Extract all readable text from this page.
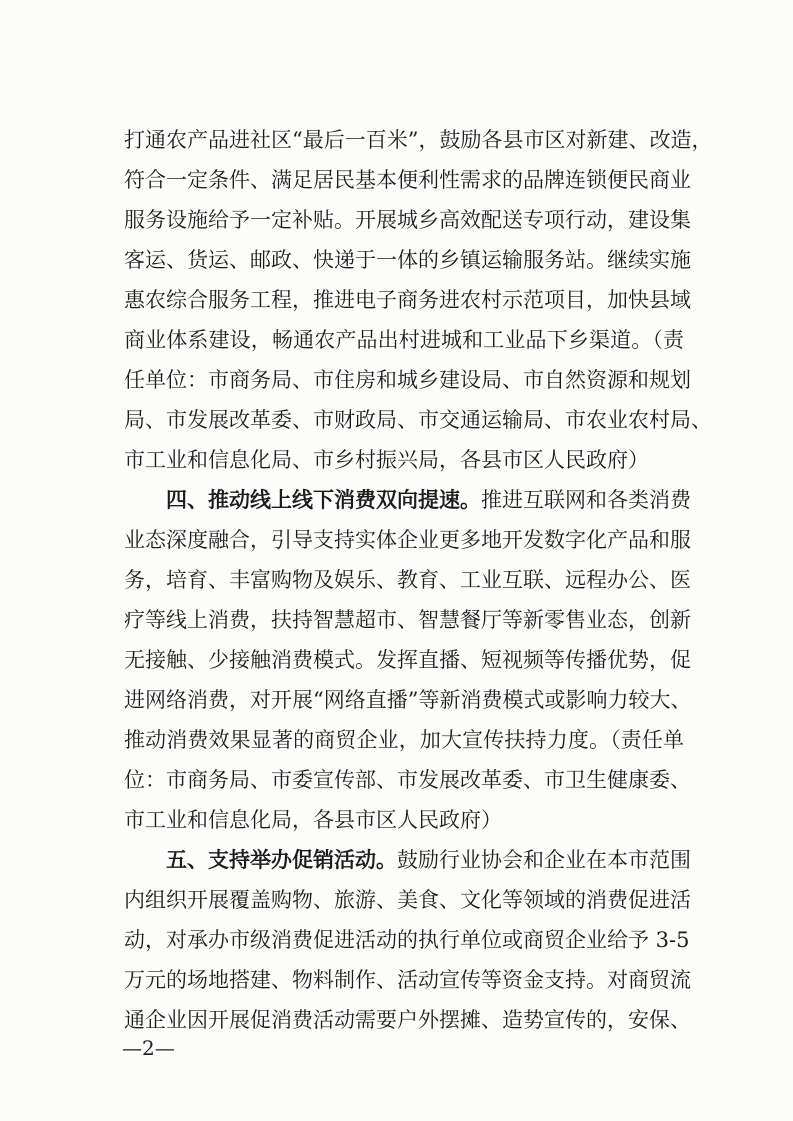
打通农产品进社区“最后一百米”，鼓励各县市区对新建、改造，
符合一定条件、满足居民基本便利性需求的品牌连锁便民商业
服务设施给予一定补贴。开展城乡高效配送专项行动，建设集
客运、货运、邮政、快递于一体的乡镇运输服务站。继续实施
惠农综合服务工程，推进电子商务进农村示范项目，加快县域
商业体系建设，畅通农产品出村进城和工业品下乡渠道。（责
任单位：市商务局、市住房和城乡建设局、市自然资源和规划
局、市发展改革委、市财政局、市交通运输局、市农业农村局、
市工业和信息化局、市乡村振兴局，各县市区人民政府）
四、推动线上线下消费双向提速。推进互联网和各类消费
业态深度融合，引导支持实体企业更多地开发数字化产品和服
务，培育、丰富购物及娱乐、教育、工业互联、远程办公、医
疗等线上消费，扶持智慧超市、智慧餐厅等新零售业态，创新
无接触、少接触消费模式。发挥直播、短视频等传播优势，促
进网络消费，对开展“网络直播”等新消费模式或影响力较大、
推动消费效果显著的商贸企业，加大宣传扶持力度。（责任单
位：市商务局、市委宣传部、市发展改革委、市卫生健康委、
市工业和信息化局，各县市区人民政府）
五、支持举办促销活动。鼓励行业协会和企业在本市范围
内组织开展覆盖购物、旅游、美食、文化等领域的消费促进活
动，对承办市级消费促进活动的执行单位或商贸企业给予 3-5
万元的场地搭建、物料制作、活动宣传等资金支持。对商贸流
通企业因开展促消费活动需要户外摆摊、造势宣传的，安保、
—2—
